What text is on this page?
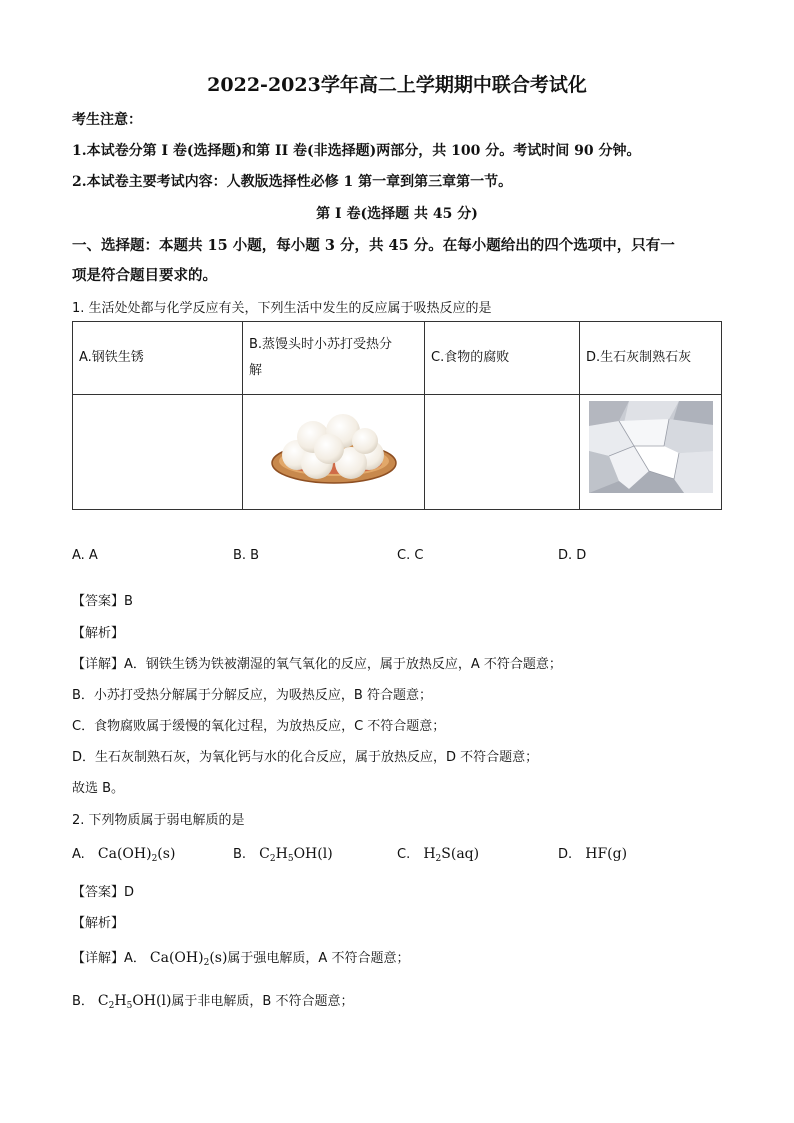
2022-2023学年高二上学期期中联合考试化
考生注意：
1.本试卷分第 I 卷(选择题)和第 II 卷(非选择题)两部分，共 100 分。考试时间 90 分钟。
2.本试卷主要考试内容：人教版选择性必修 1 第一章到第三章第一节。
第 I 卷(选择题 共 45 分)
一、选择题：本题共 15 小题，每小题 3 分，共 45 分。在每小题给出的四个选项中，只有一
项是符合题目要求的。
1. 生活处处都与化学反应有关，下列生活中发生的反应属于吸热反应的是
A.钢铁生锈	B.蒸馒头时小苏打受热分
解	C.食物的腐败	D.生石灰制熟石灰

A. A	B. B	C. C	D. D
【答案】B
【解析】
【详解】A．钢铁生锈为铁被潮湿的氧气氧化的反应，属于放热反应，A 不符合题意；
B．小苏打受热分解属于分解反应，为吸热反应，B 符合题意；
C．食物腐败属于缓慢的氧化过程，为放热反应，C 不符合题意；
D．生石灰制熟石灰，为氧化钙与水的化合反应，属于放热反应，D 不符合题意；
故选 B。
2. 下列物质属于弱电解质的是
A. $Ca(OH)_2(s)$	B. $C_2H_5OH(l)$	C. $H_2S(aq)$	D. HF(g)
【答案】D
【解析】
【详解】A． $Ca(OH)_2(s)$属于强电解质，A 不符合题意；
B． $C_2H_5OH(l)$属于非电解质，B 不符合题意；
